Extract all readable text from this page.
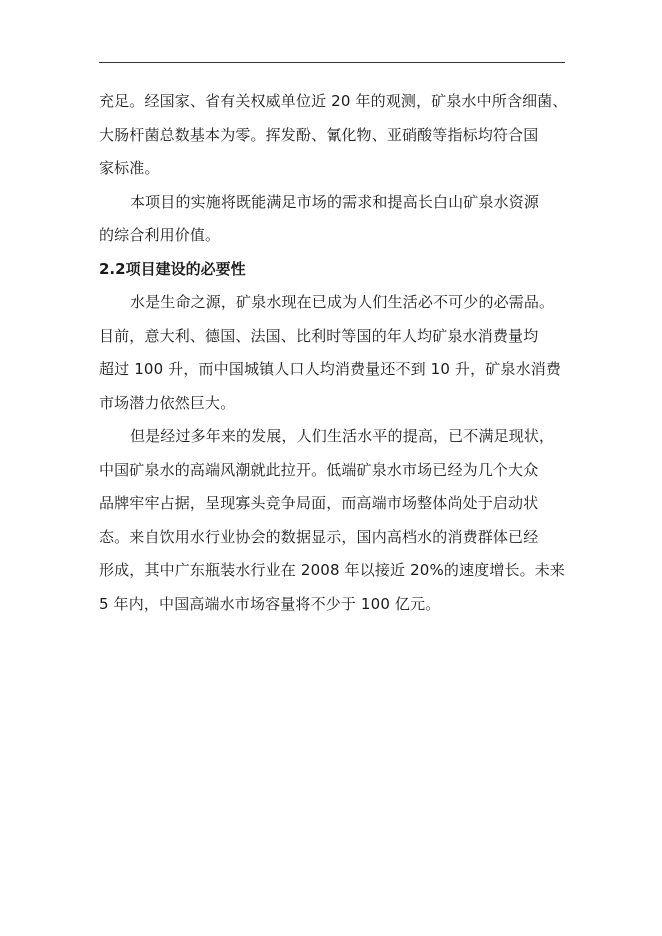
充足。经国家、省有关权威单位近 20 年的观测，矿泉水中所含细菌、
大肠杆菌总数基本为零。挥发酚、氰化物、亚硝酸等指标均符合国
家标准。
本项目的实施将既能满足市场的需求和提高长白山矿泉水资源
的综合利用价值。
2.2项目建设的必要性
水是生命之源，矿泉水现在已成为人们生活必不可少的必需品。
目前，意大利、德国、法国、比利时等国的年人均矿泉水消费量均
超过 100 升，而中国城镇人口人均消费量还不到 10 升，矿泉水消费
市场潜力依然巨大。
但是经过多年来的发展，人们生活水平的提高，已不满足现状，
中国矿泉水的高端风潮就此拉开。低端矿泉水市场已经为几个大众
品牌牢牢占据，呈现寡头竞争局面，而高端市场整体尚处于启动状
态。来自饮用水行业协会的数据显示，国内高档水的消费群体已经
形成，其中广东瓶装水行业在 2008 年以接近 20%的速度增长。未来
5 年内，中国高端水市场容量将不少于 100 亿元。
